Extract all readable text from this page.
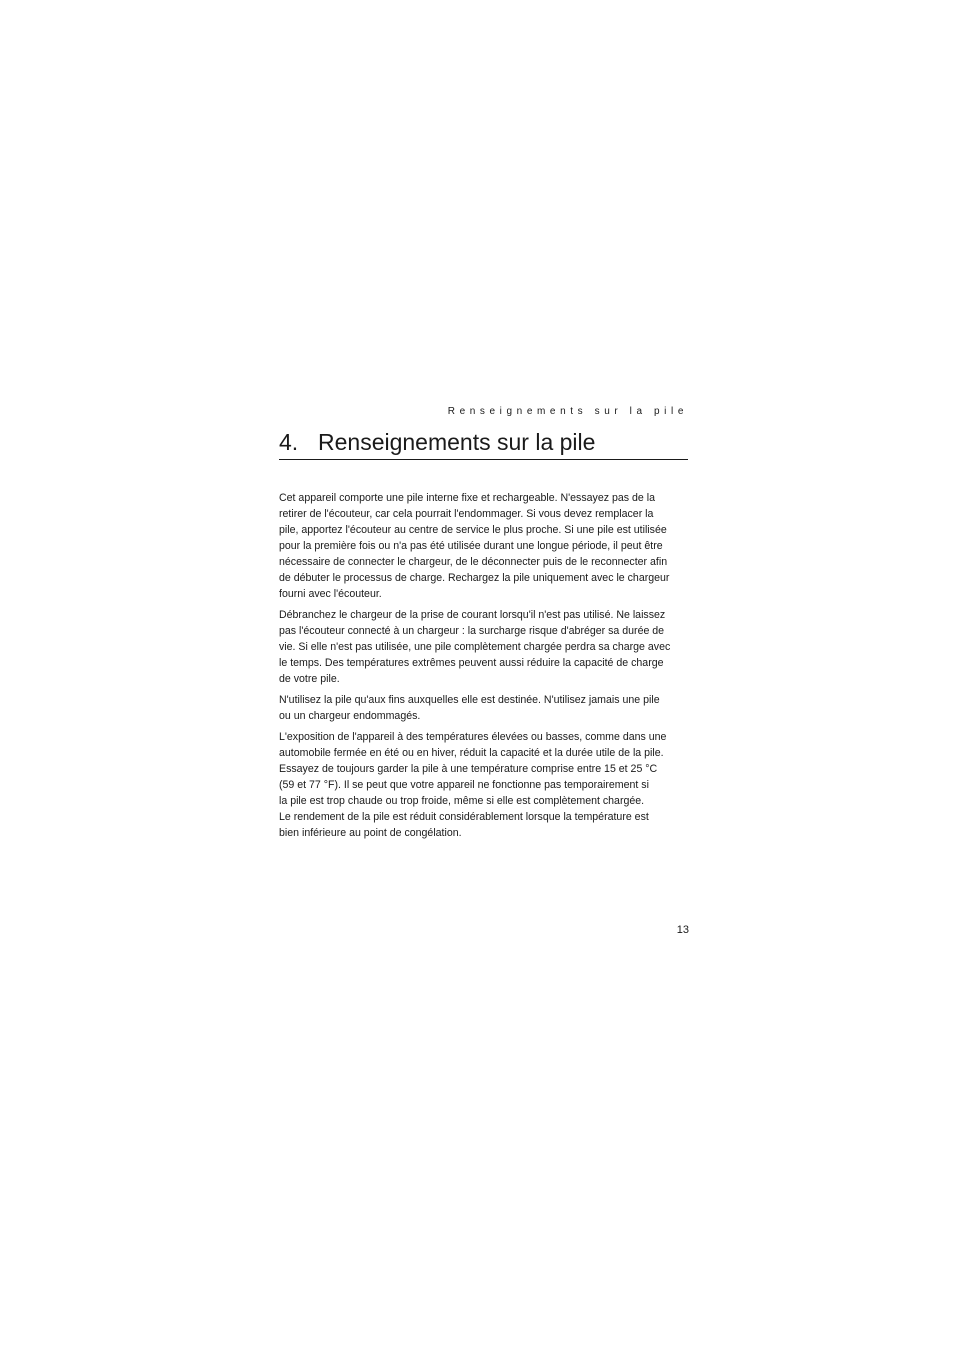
Renseignements sur la pile
4. Renseignements sur la pile

Cet appareil comporte une pile interne fixe et rechargeable. N'essayez pas de la
retirer de l'écouteur, car cela pourrait l'endommager. Si vous devez remplacer la
pile, apportez l'écouteur au centre de service le plus proche. Si une pile est utilisée
pour la première fois ou n'a pas été utilisée durant une longue période, il peut être
nécessaire de connecter le chargeur, de le déconnecter puis de le reconnecter afin
de débuter le processus de charge. Rechargez la pile uniquement avec le chargeur
fourni avec l'écouteur.

Débranchez le chargeur de la prise de courant lorsqu'il n'est pas utilisé. Ne laissez
pas l'écouteur connecté à un chargeur : la surcharge risque d'abréger sa durée de
vie. Si elle n'est pas utilisée, une pile complètement chargée perdra sa charge avec
le temps. Des températures extrêmes peuvent aussi réduire la capacité de charge
de votre pile.

N'utilisez la pile qu'aux fins auxquelles elle est destinée. N'utilisez jamais une pile
ou un chargeur endommagés.

L'exposition de l'appareil à des températures élevées ou basses, comme dans une
automobile fermée en été ou en hiver, réduit la capacité et la durée utile de la pile.
Essayez de toujours garder la pile à une température comprise entre 15 et 25 °C
(59 et 77 °F). Il se peut que votre appareil ne fonctionne pas temporairement si
la pile est trop chaude ou trop froide, même si elle est complètement chargée.
Le rendement de la pile est réduit considérablement lorsque la température est
bien inférieure au point de congélation.

13
